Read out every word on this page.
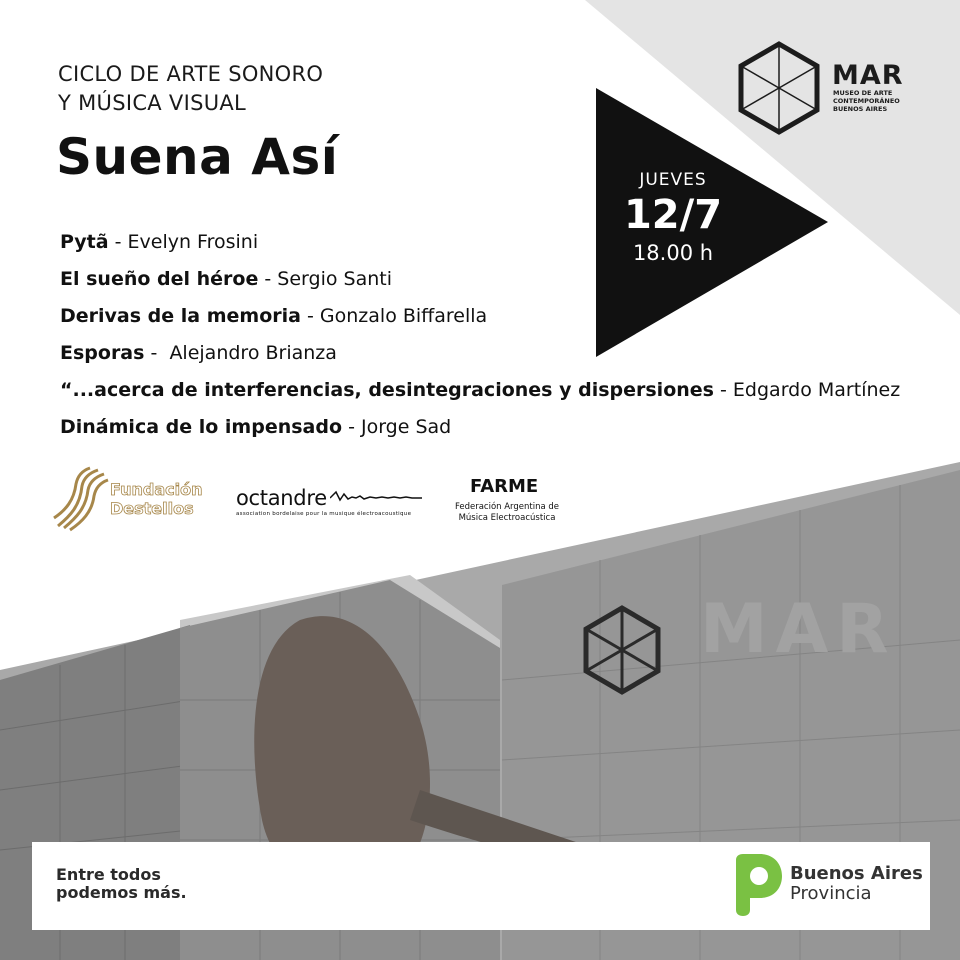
MAR
CICLO DE ARTE SONORO
Y MÚSICA VISUAL
Suena Así
Pytã - Evelyn Frosini
El sueño del héroe - Sergio Santi
Derivas de la memoria - Gonzalo Biffarella
Esporas -  Alejandro Brianza
“...acerca de interferencias, desintegraciones y dispersiones - Edgardo Martínez
Dinámica de lo impensado - Jorge Sad
JUEVES
12/7
18.00 h
MAR
MUSEO DE ARTE
CONTEMPORÁNEO
BUENOS AIRES
Fundación
Destellos	octandre
association bordelaise pour la musique électroacoustique
FARME
Federación Argentina de
Música Electroacústica
Entre todos
podemos más.
Buenos Aires
Provincia
